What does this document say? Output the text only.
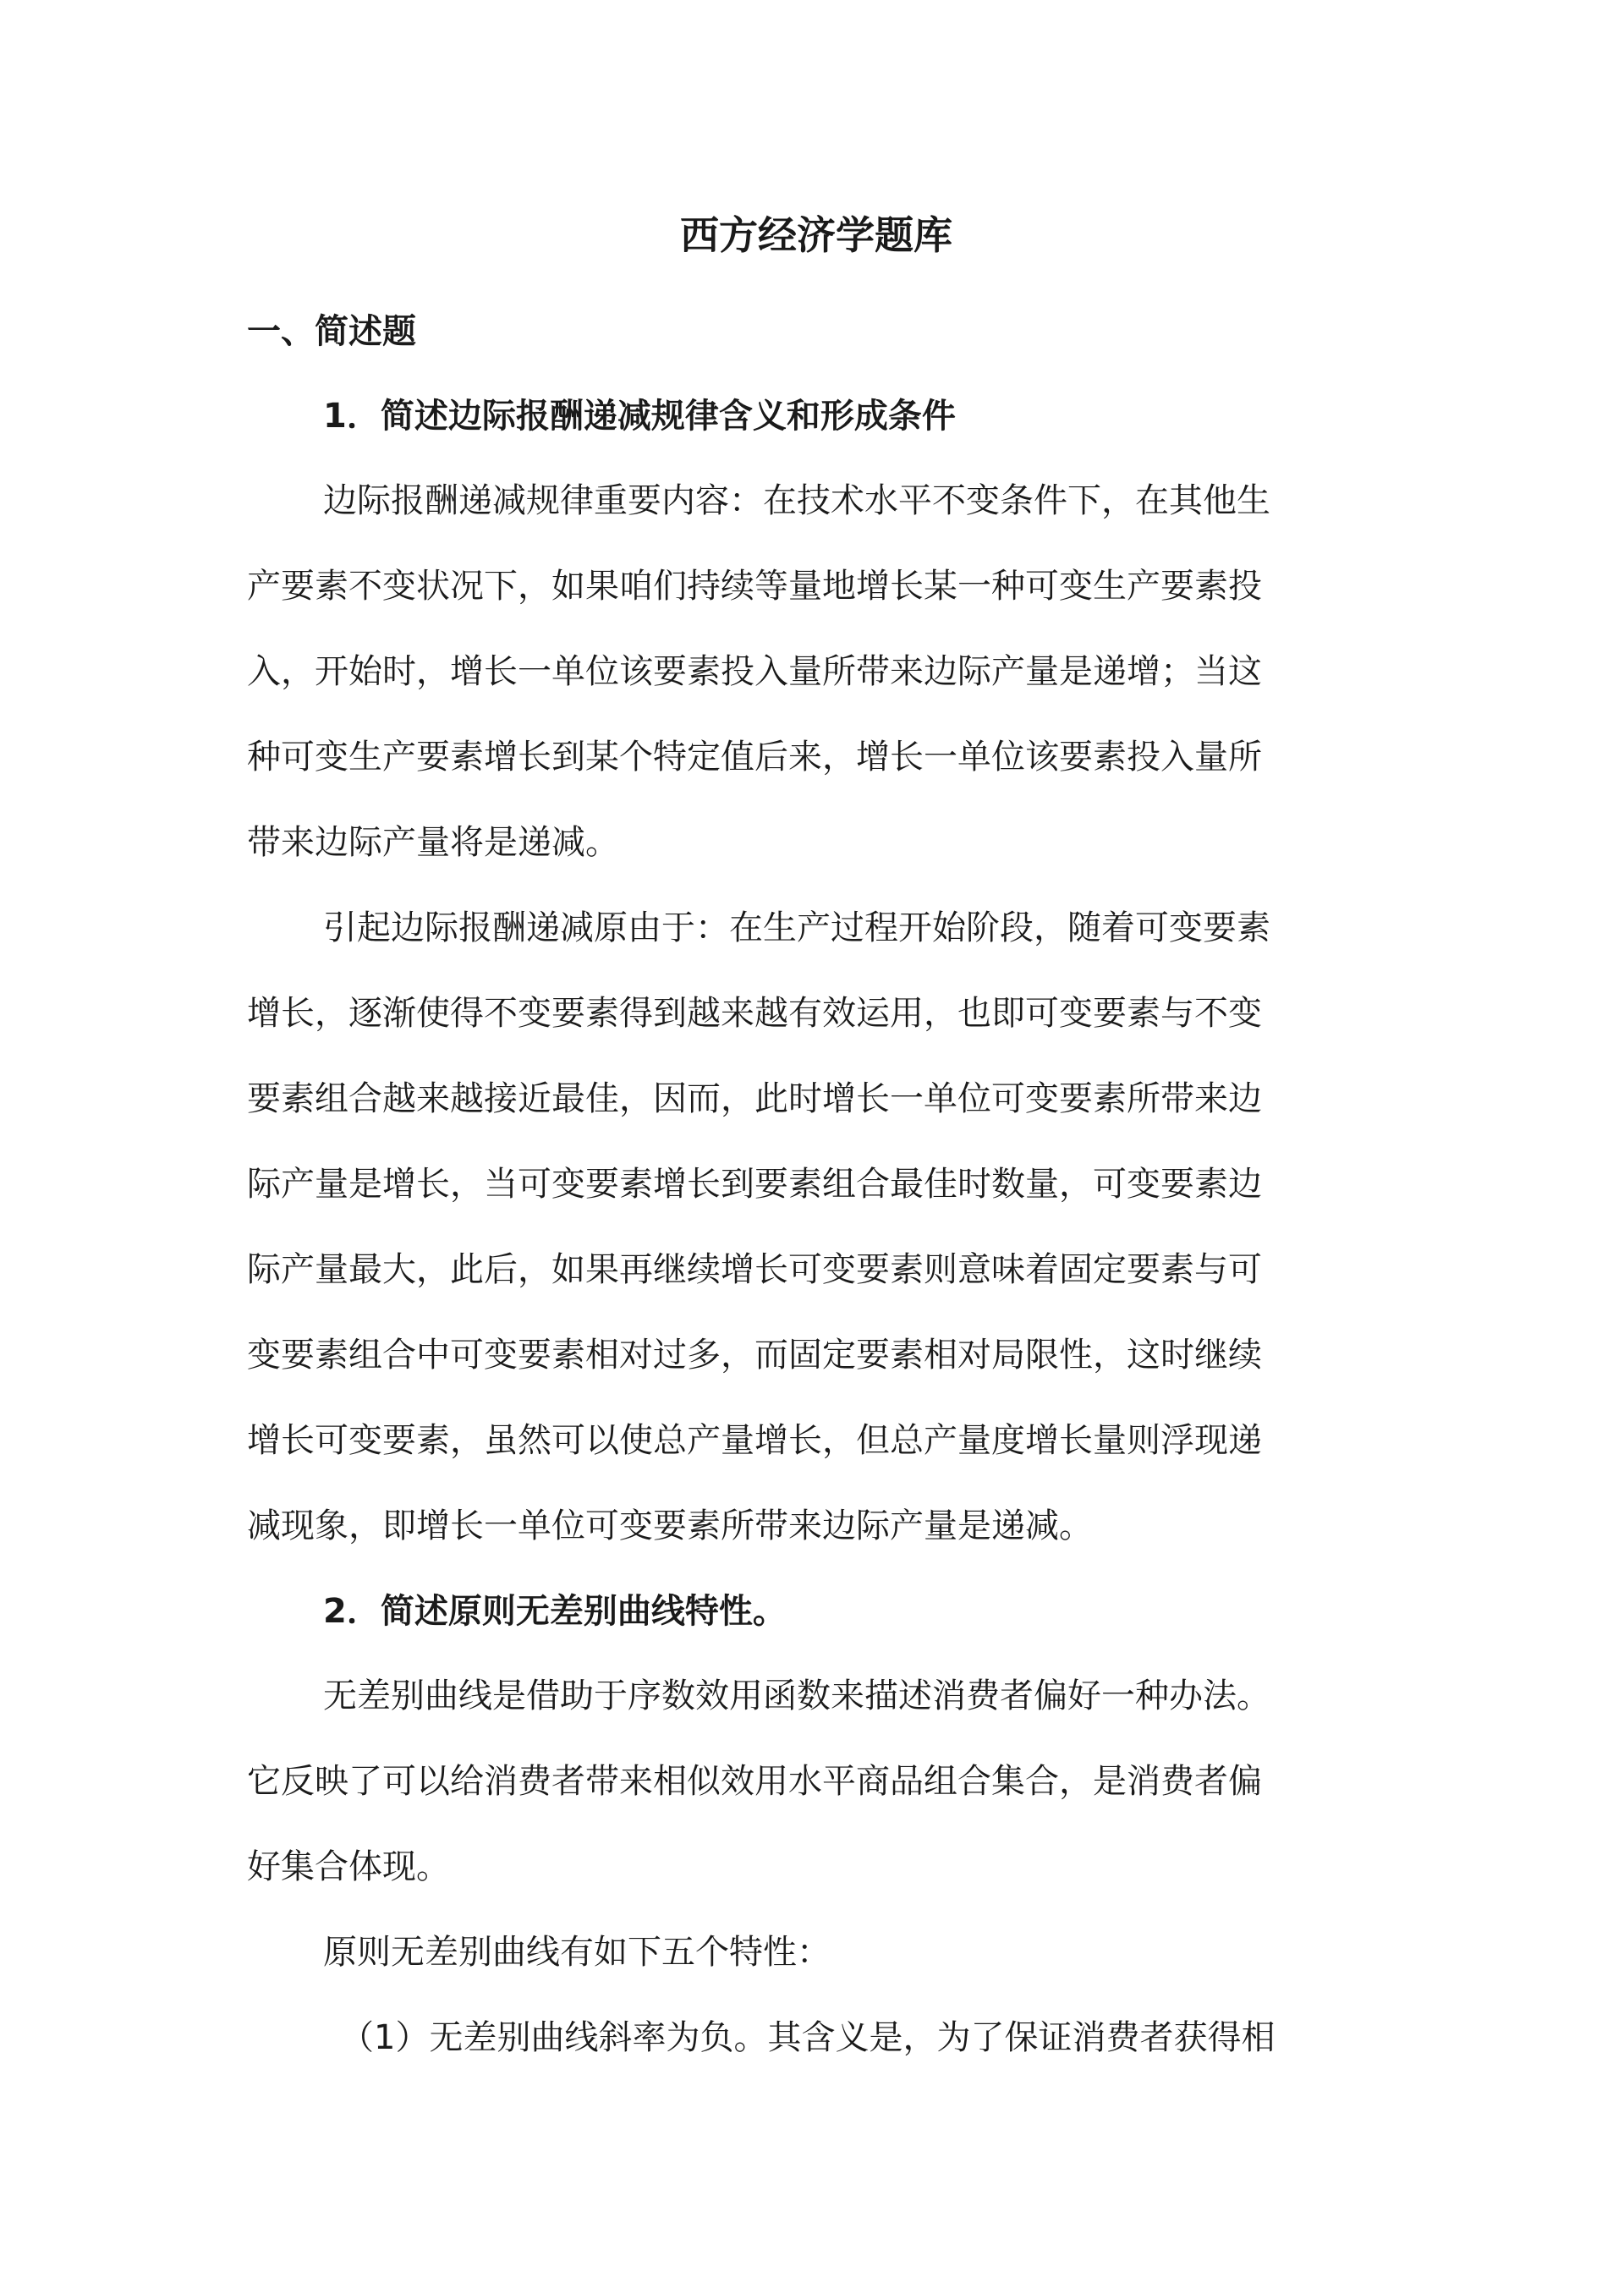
西方经济学题库
一、简述题
1．简述边际报酬递减规律含义和形成条件
边际报酬递减规律重要内容：在技术水平不变条件下，在其他生
产要素不变状况下，如果咱们持续等量地增长某一种可变生产要素投
入，开始时，增长一单位该要素投入量所带来边际产量是递增；当这
种可变生产要素增长到某个特定值后来，增长一单位该要素投入量所
带来边际产量将是递减。
引起边际报酬递减原由于：在生产过程开始阶段，随着可变要素
增长，逐渐使得不变要素得到越来越有效运用，也即可变要素与不变
要素组合越来越接近最佳，因而，此时增长一单位可变要素所带来边
际产量是增长，当可变要素增长到要素组合最佳时数量，可变要素边
际产量最大，此后，如果再继续增长可变要素则意味着固定要素与可
变要素组合中可变要素相对过多，而固定要素相对局限性，这时继续
增长可变要素，虽然可以使总产量增长，但总产量度增长量则浮现递
减现象，即增长一单位可变要素所带来边际产量是递减。
2．简述原则无差别曲线特性。
无差别曲线是借助于序数效用函数来描述消费者偏好一种办法。
它反映了可以给消费者带来相似效用水平商品组合集合，是消费者偏
好集合体现。
原则无差别曲线有如下五个特性：
（1）无差别曲线斜率为负。其含义是，为了保证消费者获得相
